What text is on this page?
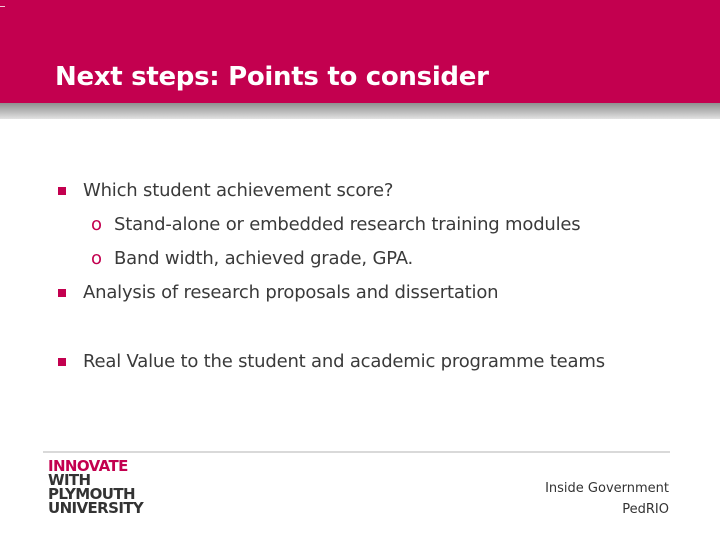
Next steps: Points to consider
Which student achievement score?
o Stand-alone or embedded research training modules
o Band width, achieved grade, GPA.
Analysis of research proposals and dissertation
Real Value to the student and academic programme teams
INNOVATE
WITH
PLYMOUTH
UNIVERSITY
Inside Government
PedRIO
